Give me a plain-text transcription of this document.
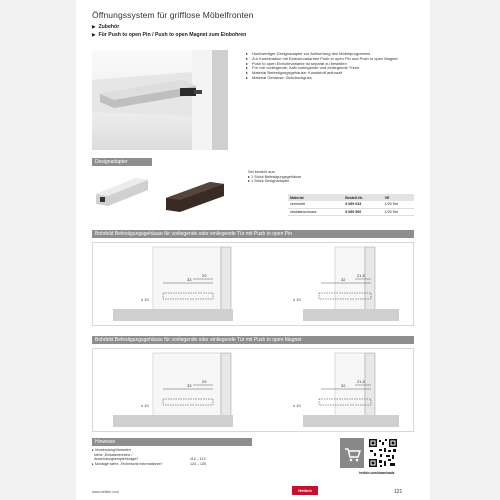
Öffnungssystem für grifflose Möbelfronten
▶ Zubehör
▶ Für Push to open Pin / Push to open Magnet zum Einbohren
▸ Hochwertiger Designadapter zur Aufwertung des Möbelprogramms
▸ Zur Kombination mit Einbohrvarianten Push to open Pin und Push to open Magnet
▸ Push to open Einbohrvariante ist separat zu bestellen
▸ Für voll vorliegende, halb vorliegende und einliegende Türen
▸ Material Befestigungsgehäuse: Kunststoff anthrazit
▸ Material Gehäuse: Zinkdruckguss
Designadapter
Set besteht aus:
▸ 1 Stück Befestigungsgehäuse
▸ 1 Stück Designadapter
Material	Bestell-Nr.	VE
vernickelt	9 089 633	1/25 Set
obsidianschwarz	9 089 566	1/25 Set
Bohrbild Befestigungsgehäuse für vorliegende oder einliegende Tür mit Push to open Pin
33
29
≥ 10
32
21,5
≥ 10
Bohrbild Befestigungsgehäuse für vorliegende oder einliegende Tür mit Push to open Magnet
33
29
≥ 10
32
21,5
≥ 10
Hinweise
▸ Verwendung/Varianten
siehe „Einsatzbereiche /
Anwendungsempfehlungen"	112 – 113
▸ Montage siehe „Technische Informationen"	124 – 126
hettich.com/downloads
www.hettich.com	Hettich	121
